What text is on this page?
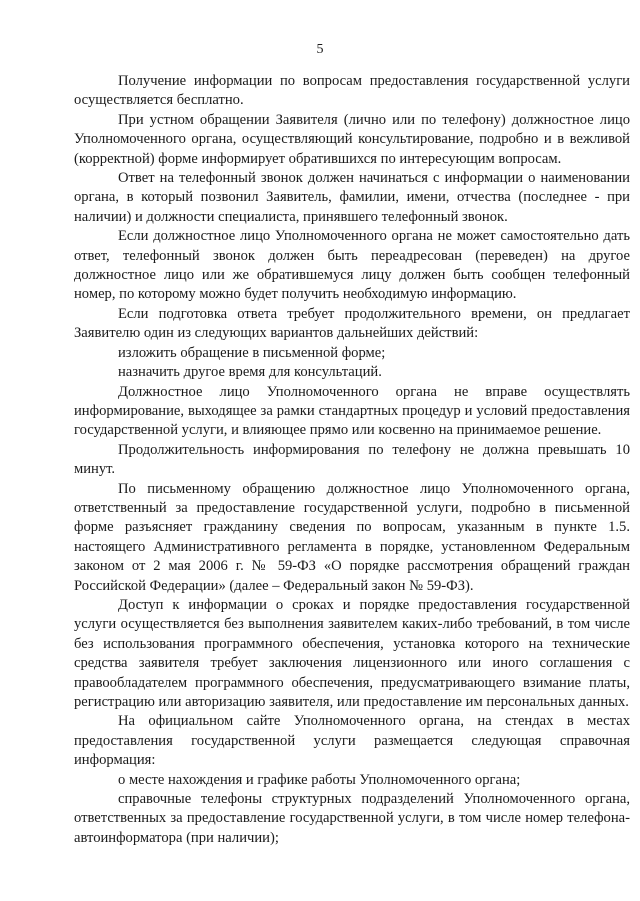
5

Получение информации по вопросам предоставления государственной услуги осуществляется бесплатно.

При устном обращении Заявителя (лично или по телефону) должностное лицо Уполномоченного органа, осуществляющий консультирование, подробно и в вежливой (корректной) форме информирует обратившихся по интересующим вопросам.

Ответ на телефонный звонок должен начинаться с информации о наименовании органа, в который позвонил Заявитель, фамилии, имени, отчества (последнее - при наличии) и должности специалиста, принявшего телефонный звонок.

Если должностное лицо Уполномоченного органа не может самостоятельно дать ответ, телефонный звонок должен быть переадресован (переведен) на другое должностное лицо или же обратившемуся лицу должен быть сообщен телефонный номер, по которому можно будет получить необходимую информацию.

Если подготовка ответа требует продолжительного времени, он предлагает Заявителю один из следующих вариантов дальнейших действий:

изложить обращение в письменной форме;

назначить другое время для консультаций.

Должностное лицо Уполномоченного органа не вправе осуществлять информирование, выходящее за рамки стандартных процедур и условий предоставления государственной услуги, и влияющее прямо или косвенно на принимаемое решение.

Продолжительность информирования по телефону не должна превышать 10 минут.

По письменному обращению должностное лицо Уполномоченного органа, ответственный за предоставление государственной услуги, подробно в письменной форме разъясняет гражданину сведения по вопросам, указанным в пункте 1.5. настоящего Административного регламента в порядке, установленном Федеральным законом от 2 мая 2006 г. № 59-ФЗ «О порядке рассмотрения обращений граждан Российской Федерации» (далее – Федеральный закон № 59-ФЗ).

Доступ к информации о сроках и порядке предоставления государственной услуги осуществляется без выполнения заявителем каких-либо требований, в том числе без использования программного обеспечения, установка которого на технические средства заявителя требует заключения лицензионного или иного соглашения с правообладателем программного обеспечения, предусматривающего взимание платы, регистрацию или авторизацию заявителя, или предоставление им персональных данных.

На официальном сайте Уполномоченного органа, на стендах в местах предоставления государственной услуги размещается следующая справочная информация:

о месте нахождения и графике работы Уполномоченного органа;

справочные телефоны структурных подразделений Уполномоченного органа, ответственных за предоставление государственной услуги, в том числе номер телефона-автоинформатора (при наличии);
